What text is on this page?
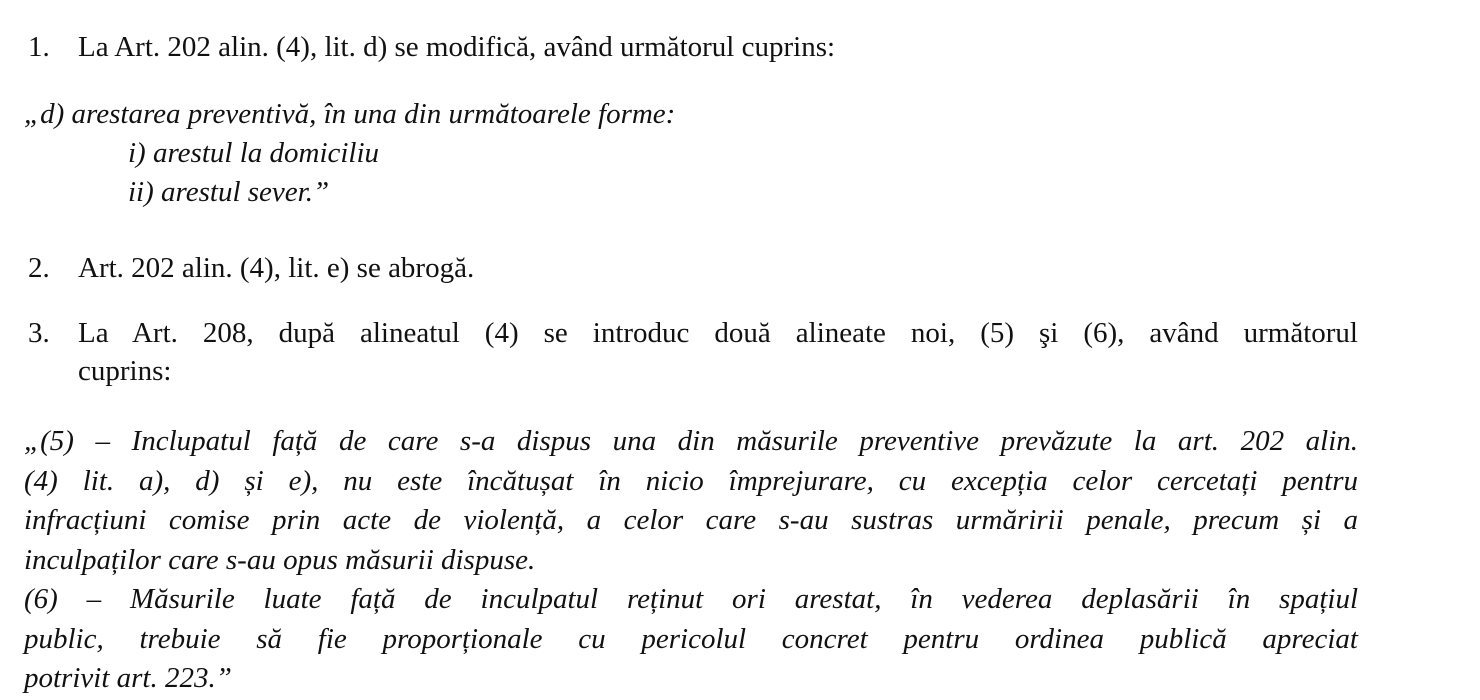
1. La Art. 202 alin. (4), lit. d) se modifică, având următorul cuprins:
„d) arestarea preventivă, în una din următoarele forme:
i) arestul la domiciliu
ii) arestul sever.”
2. Art. 202 alin. (4), lit. e) se abrogă.
3. La Art. 208, după alineatul (4) se introduc două alineate noi, (5) şi (6), având următorul
cuprins:
„(5) – Inclupatul față de care s-a dispus una din măsurile preventive prevăzute la art. 202 alin.
(4) lit. a), d) și e), nu este încătușat în nicio împrejurare, cu excepția celor cercetați pentru
infracțiuni comise prin acte de violență, a celor care s-au sustras urmăririi penale, precum și a
inculpaților care s-au opus măsurii dispuse.
(6) – Măsurile luate față de inculpatul reținut ori arestat, în vederea deplasării în spațiul
public, trebuie să fie proporționale cu pericolul concret pentru ordinea publică apreciat
potrivit art. 223.”
